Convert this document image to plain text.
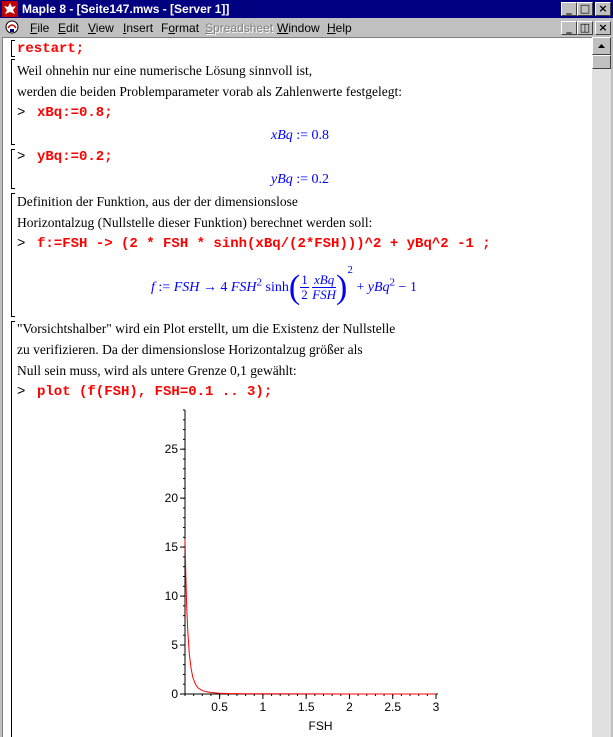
Maple 8 - [Seite147.mws - [Server 1]]	_ □ ×
File Edit View Insert Format Spreadsheet Window Help	_ ◫ ×
restart;
Weil ohnehin nur eine numerische Lösung sinnvoll ist,
werden die beiden Problemparameter vorab als Zahlenwerte festgelegt:
> xBq:=0.8;
xBq := 0.8
> yBq:=0.2;
yBq := 0.2
Definition der Funktion, aus der der dimensionslose
Horizontalzug (Nullstelle dieser Funktion) berechnet werden soll:
> f:=FSH -> (2 * FSH * sinh(xBq/(2*FSH)))^2 + yBq^2 -1 ;
f := FSH → 4 FSH$^2$ $\sinh( \frac{1}{2}$
$\frac{\text{xBq}}{\text{FSH}} )^2 + yBq^2 - 1$
"Vorsichtshalber" wird ein Plot erstellt, um die Existenz der Nullstelle
zu verifizieren. Da der dimensionslose Horizontalzug größer als
Null sein muss, wird als untere Grenze 0,1 gewählt:
> plot (f(FSH), FSH=0.1 .. 3);
0.5	1	1.5	2	2.5	3
0
5
10
15
20
25
FSH
